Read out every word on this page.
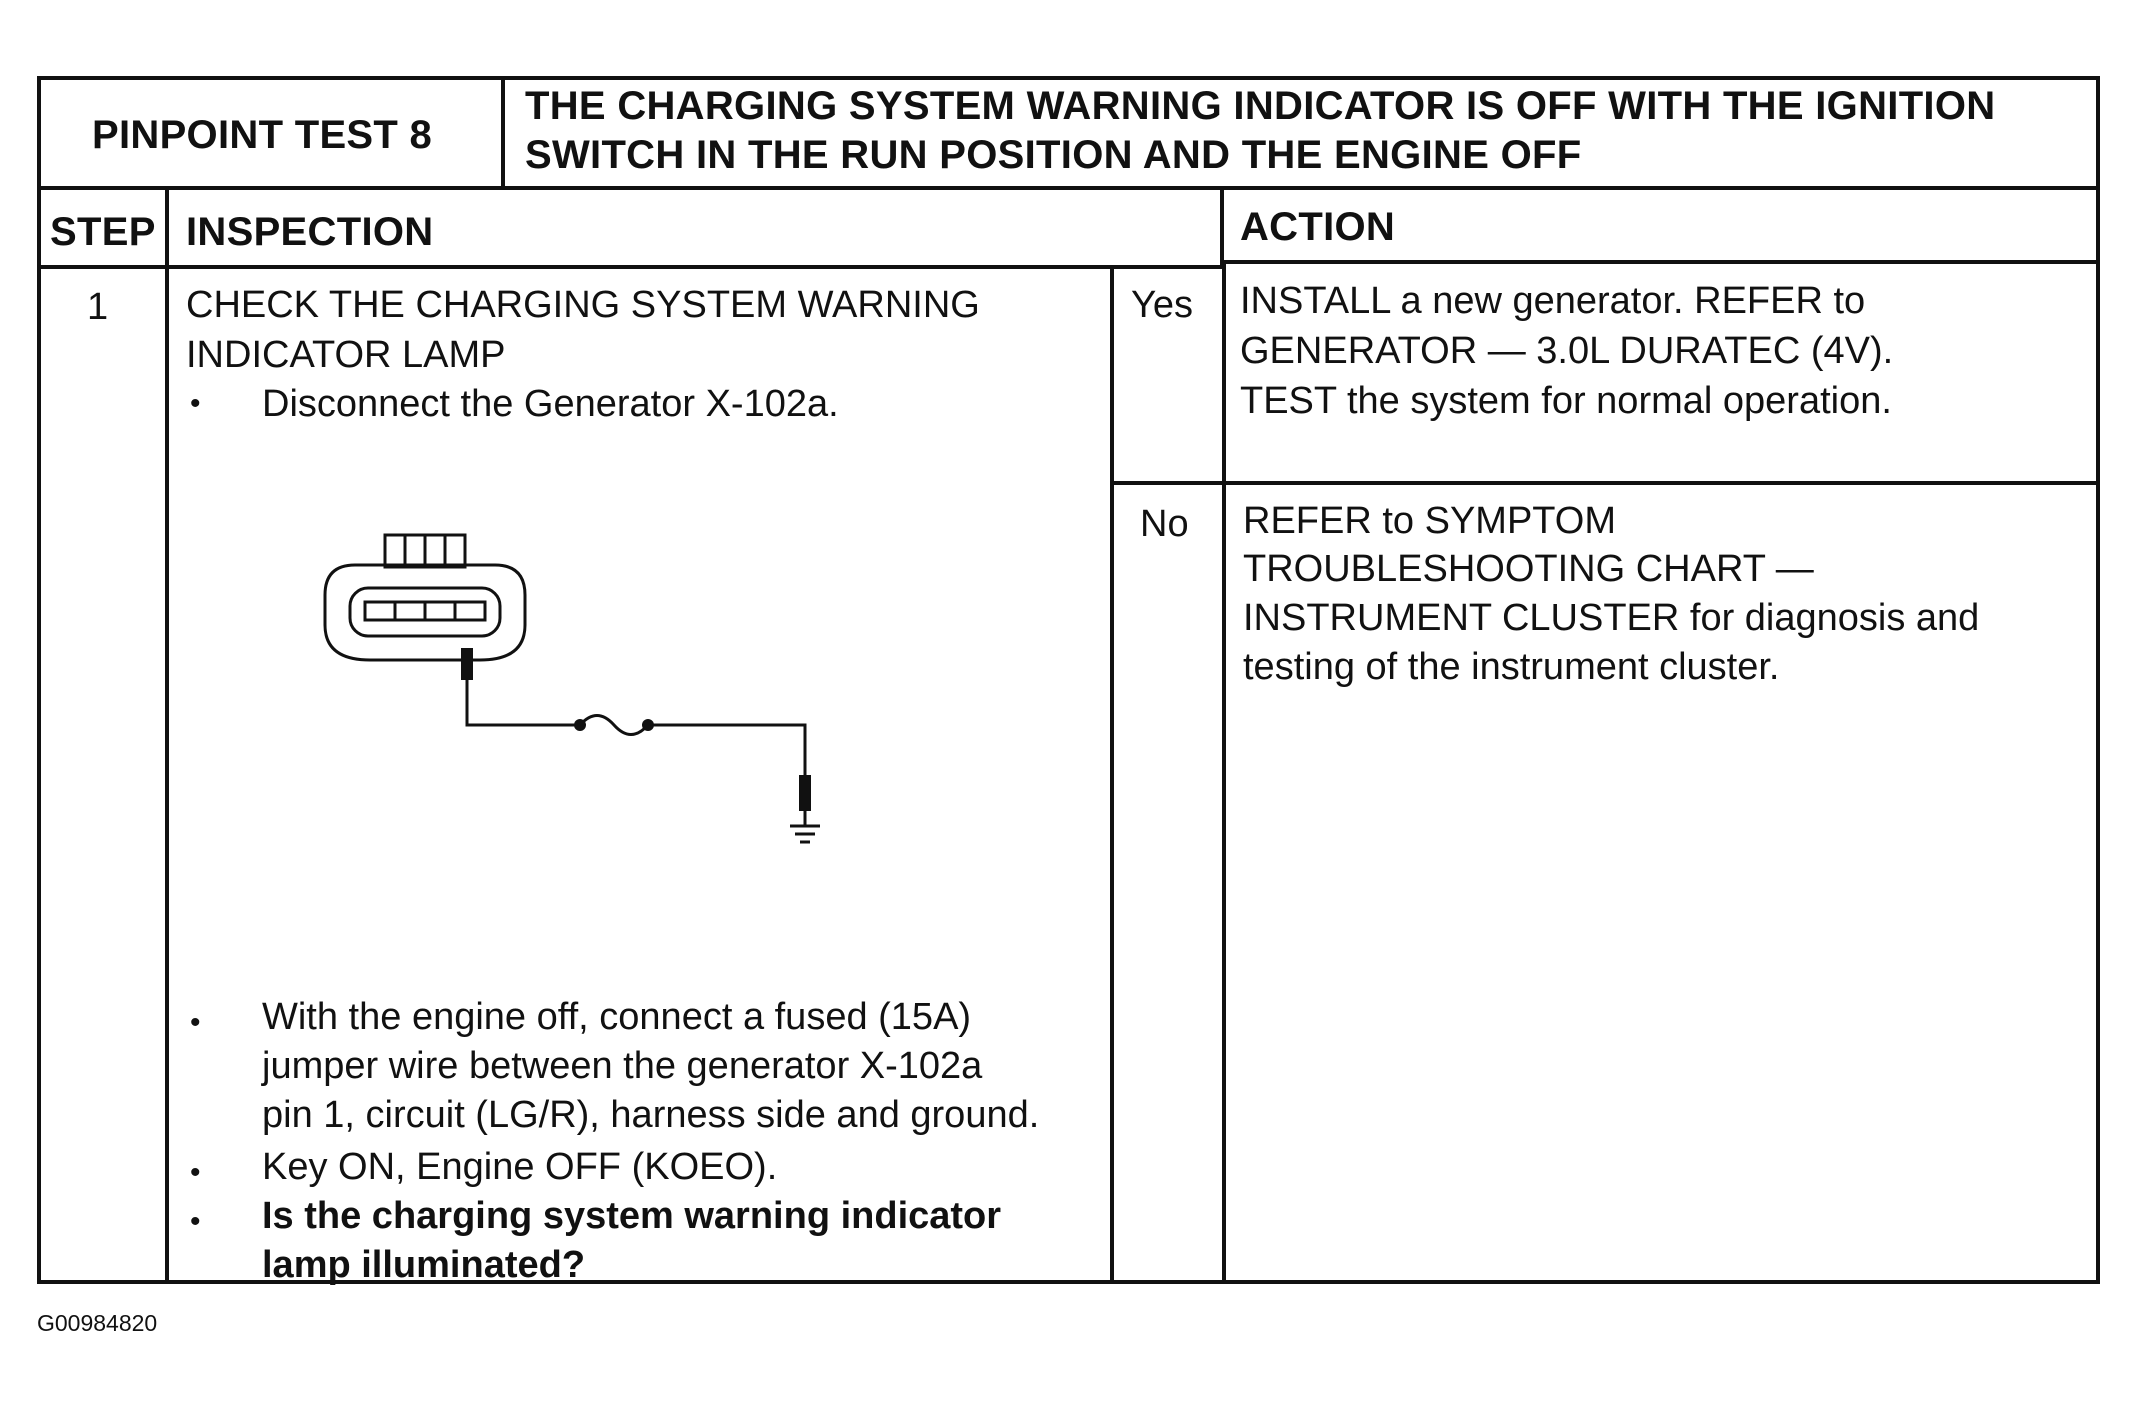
PINPOINT TEST 8
THE CHARGING SYSTEM WARNING INDICATOR IS OFF WITH THE IGNITION
SWITCH IN THE RUN POSITION AND THE ENGINE OFF
STEP INSPECTION	ACTION
1 CHECK THE CHARGING SYSTEM WARNING
INDICATOR LAMP
• Disconnect the Generator X-102a.
• With the engine off, connect a fused (15A)
jumper wire between the generator X-102a
pin 1, circuit (LG/R), harness side and ground.
• Key ON, Engine OFF (KOEO).
• Is the charging system warning indicator
lamp illuminated?
Yes INSTALL a new generator. REFER to
GENERATOR — 3.0L DURATEC (4V).
TEST the system for normal operation.
No REFER to SYMPTOM
TROUBLESHOOTING CHART —
INSTRUMENT CLUSTER for diagnosis and
testing of the instrument cluster.
G00984820
